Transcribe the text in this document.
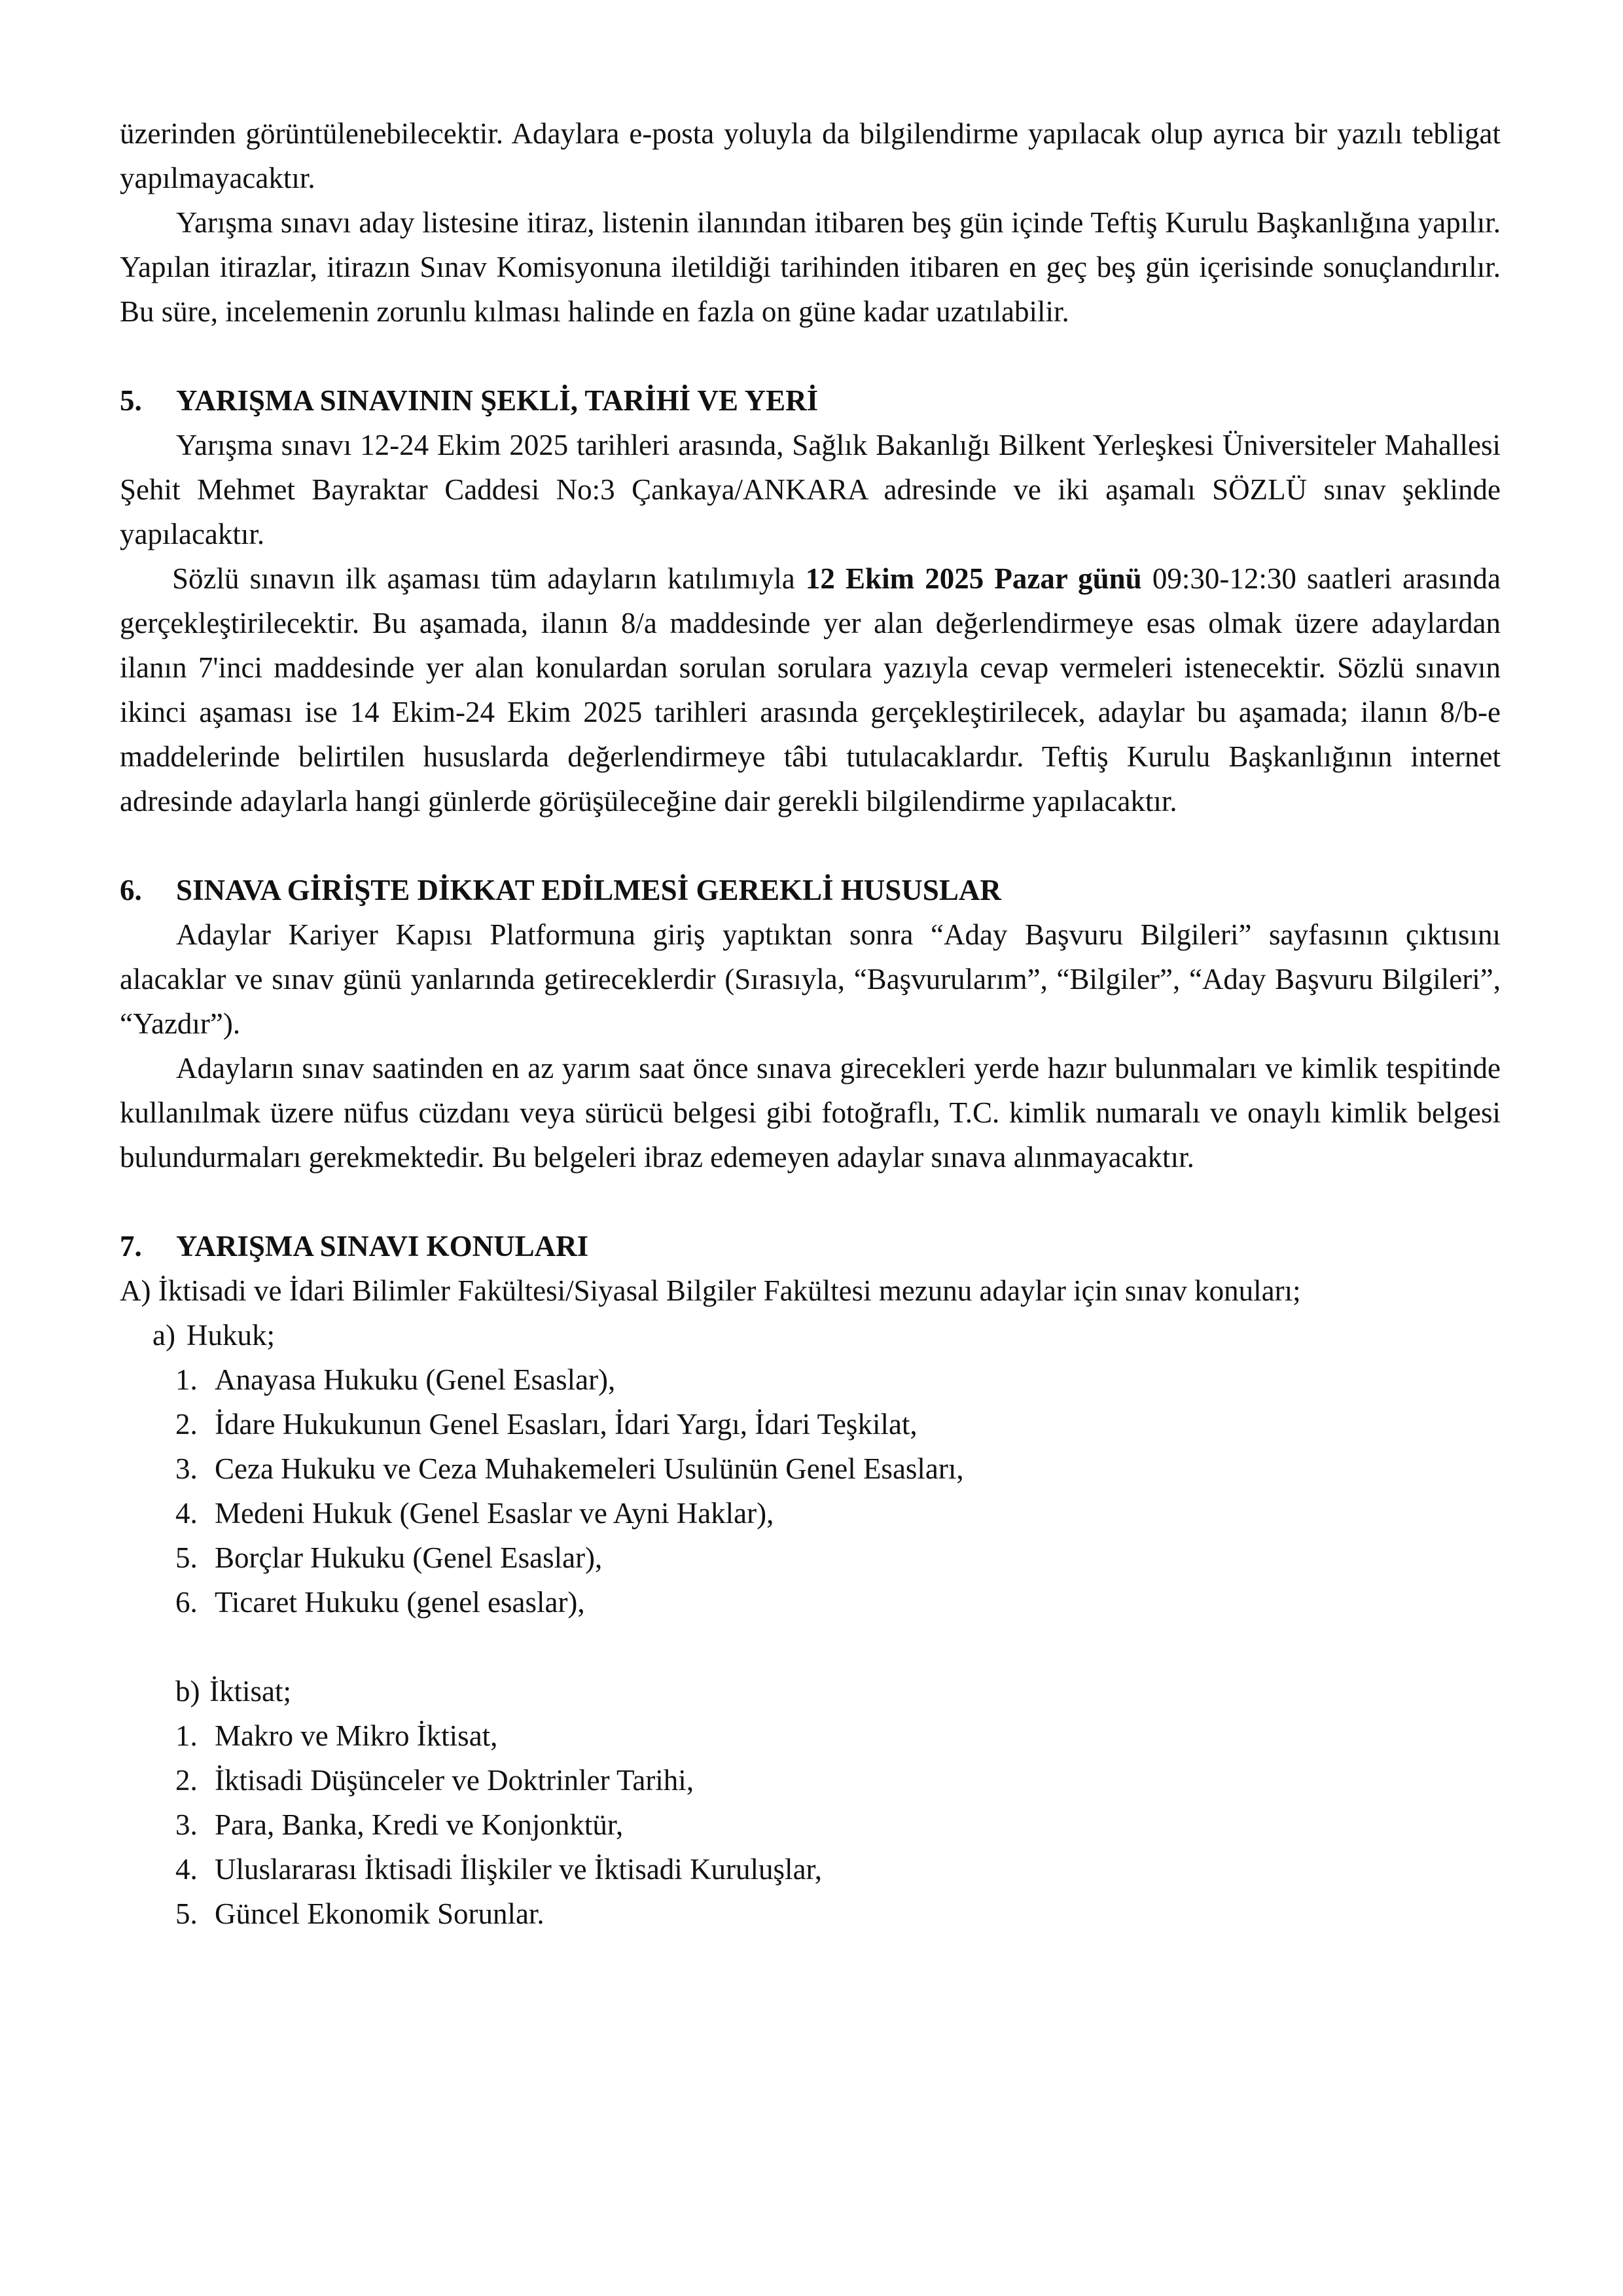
üzerinden görüntülenebilecektir. Adaylara e-posta yoluyla da bilgilendirme yapılacak olup ayrıca bir yazılı tebligat yapılmayacaktır.

Yarışma sınavı aday listesine itiraz, listenin ilanından itibaren beş gün içinde Teftiş Kurulu Başkanlığına yapılır. Yapılan itirazlar, itirazın Sınav Komisyonuna iletildiği tarihinden itibaren en geç beş gün içerisinde sonuçlandırılır. Bu süre, incelemenin zorunlu kılması halinde en fazla on güne kadar uzatılabilir.

5.	YARIŞMA SINAVININ ŞEKLİ, TARİHİ VE YERİ

Yarışma sınavı 12-24 Ekim 2025 tarihleri arasında, Sağlık Bakanlığı Bilkent Yerleşkesi Üniversiteler Mahallesi Şehit Mehmet Bayraktar Caddesi No:3 Çankaya/ANKARA adresinde ve iki aşamalı SÖZLÜ sınav şeklinde yapılacaktır.

Sözlü sınavın ilk aşaması tüm adayların katılımıyla 12 Ekim 2025 Pazar günü 09:30-12:30 saatleri arasında gerçekleştirilecektir. Bu aşamada, ilanın 8/a maddesinde yer alan değerlendirmeye esas olmak üzere adaylardan ilanın 7'inci maddesinde yer alan konulardan sorulan sorulara yazıyla cevap vermeleri istenecektir. Sözlü sınavın ikinci aşaması ise 14 Ekim-24 Ekim 2025 tarihleri arasında gerçekleştirilecek, adaylar bu aşamada; ilanın 8/b-e maddelerinde belirtilen hususlarda değerlendirmeye tâbi tutulacaklardır. Teftiş Kurulu Başkanlığının internet adresinde adaylarla hangi günlerde görüşüleceğine dair gerekli bilgilendirme yapılacaktır.

6.	SINAVA GİRİŞTE DİKKAT EDİLMESİ GEREKLİ HUSUSLAR

Adaylar Kariyer Kapısı Platformuna giriş yaptıktan sonra “Aday Başvuru Bilgileri” sayfasının çıktısını alacaklar ve sınav günü yanlarında getireceklerdir (Sırasıyla, “Başvurularım”, “Bilgiler”, “Aday Başvuru Bilgileri”, “Yazdır”).

Adayların sınav saatinden en az yarım saat önce sınava girecekleri yerde hazır bulunmaları ve kimlik tespitinde kullanılmak üzere nüfus cüzdanı veya sürücü belgesi gibi fotoğraflı, T.C. kimlik numaralı ve onaylı kimlik belgesi bulundurmaları gerekmektedir. Bu belgeleri ibraz edemeyen adaylar sınava alınmayacaktır.

7.	YARIŞMA SINAVI KONULARI

A) İktisadi ve İdari Bilimler Fakültesi/Siyasal Bilgiler Fakültesi mezunu adaylar için sınav konuları;

a) Hukuk;
1. Anayasa Hukuku (Genel Esaslar),
2. İdare Hukukunun Genel Esasları, İdari Yargı, İdari Teşkilat,
3. Ceza Hukuku ve Ceza Muhakemeleri Usulünün Genel Esasları,
4. Medeni Hukuk (Genel Esaslar ve Ayni Haklar),
5. Borçlar Hukuku (Genel Esaslar),
6. Ticaret Hukuku (genel esaslar),
b) İktisat;
1. Makro ve Mikro İktisat,
2. İktisadi Düşünceler ve Doktrinler Tarihi,
3. Para, Banka, Kredi ve Konjonktür,
4. Uluslararası İktisadi İlişkiler ve İktisadi Kuruluşlar,
5. Güncel Ekonomik Sorunlar.
